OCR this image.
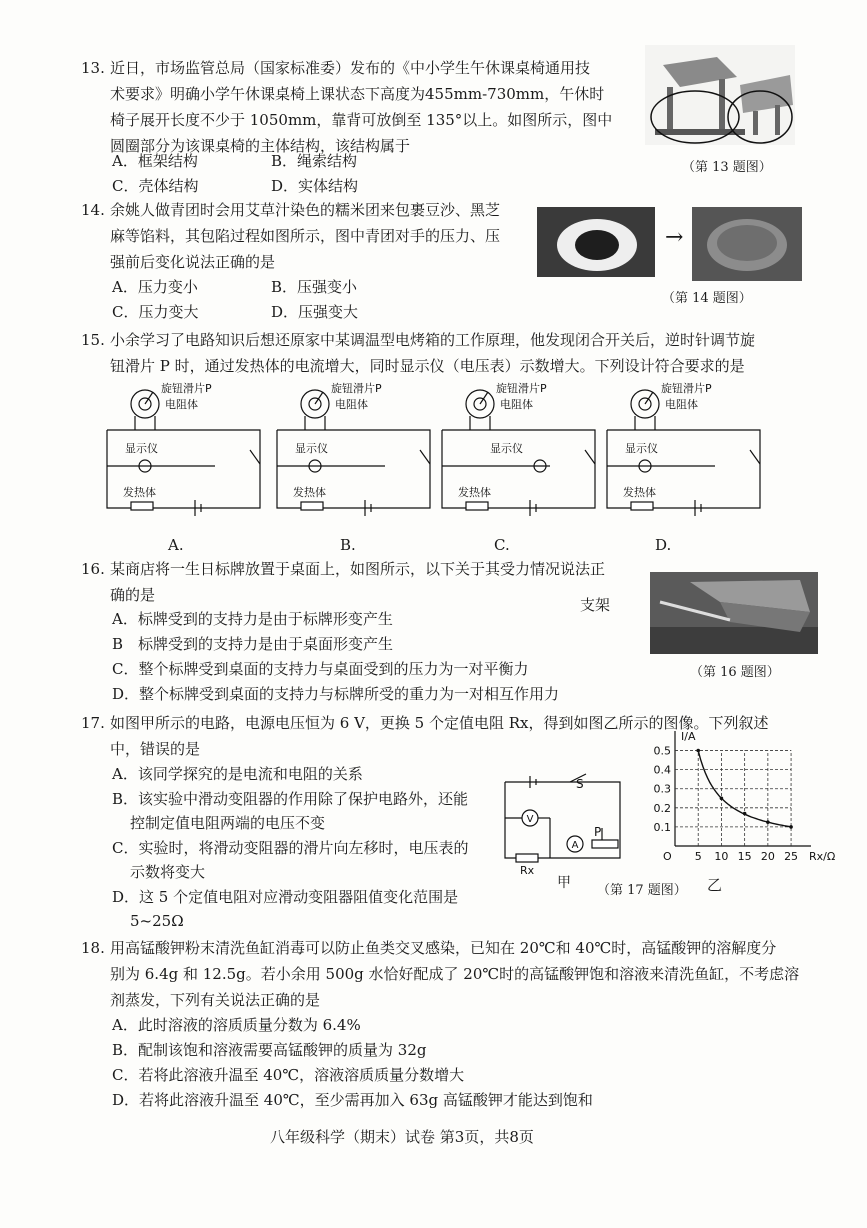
13. 近日，市场监管总局（国家标准委）发布的《中小学生午休课桌椅通用技
术要求》明确小学午休课桌椅上课状态下高度为455mm-730mm，午休时
椅子展开长度不少于 1050mm，靠背可放倒至 135°以上。如图所示，图中
圆圈部分为该课桌椅的主体结构，该结构属于
A．框架结构	B．绳索结构
C．壳体结构	D．实体结构
（第 13 题图）
14. 余姚人做青团时会用艾草汁染色的糯米团来包裹豆沙、黑芝
麻等馅料，其包陷过程如图所示，图中青团对手的压力、压
强前后变化说法正确的是
A．压力变小	B．压强变小
C．压力变大	D．压强变大
→
（第 14 题图）
15. 小余学习了电路知识后想还原家中某调温型电烤箱的工作原理，他发现闭合开关后，逆时针调节旋
钮滑片 P 时，通过发热体的电流增大，同时显示仪（电压表）示数增大。下列设计符合要求的是
旋钮滑片P
电阻体
显示仪
发热体
旋钮滑片P
电阻体
显示仪
发热体
旋钮滑片P
电阻体
显示仪
发热体
旋钮滑片P
电阻体
显示仪
发热体
A.	B.	C.	D.
16. 某商店将一生日标牌放置于桌面上，如图所示，以下关于其受力情况说法正
确的是
A．标牌受到的支持力是由于标牌形变产生
B　标牌受到的支持力是由于桌面形变产生
C．整个标牌受到桌面的支持力与桌面受到的压力为一对平衡力
D．整个标牌受到桌面的支持力与标牌所受的重力为一对相互作用力
支架
（第 16 题图）
17. 如图甲所示的电路，电源电压恒为 6 V，更换 5 个定值电阻 Rx，得到如图乙所示的图像。下列叙述
中，错误的是
A．该同学探究的是电流和电阻的关系
B．该实验中滑动变阻器的作用除了保护电路外，还能
控制定值电阻两端的电压不变
C．实验时，将滑动变阻器的滑片向左移时，电压表的
示数将变大
D．这 5 个定值电阻对应滑动变阻器阻值变化范围是
5~25Ω
S
V
A
P
Rx
甲 （第 17 题图）
5 10 15 20 25
0.1
0.2
0.3
0.4
0.5
O
I/A
Rx/Ω
乙
18. 用高锰酸钾粉末清洗鱼缸消毒可以防止鱼类交叉感染，已知在 20℃和 40℃时，高锰酸钾的溶解度分
别为 6.4g 和 12.5g。若小余用 500g 水恰好配成了 20℃时的高锰酸钾饱和溶液来清洗鱼缸，不考虑溶
剂蒸发，下列有关说法正确的是
A．此时溶液的溶质质量分数为 6.4%
B．配制该饱和溶液需要高锰酸钾的质量为 32g
C．若将此溶液升温至 40℃，溶液溶质质量分数增大
D．若将此溶液升温至 40℃，至少需再加入 63g 高锰酸钾才能达到饱和
八年级科学（期末）试卷 第3页，共8页
